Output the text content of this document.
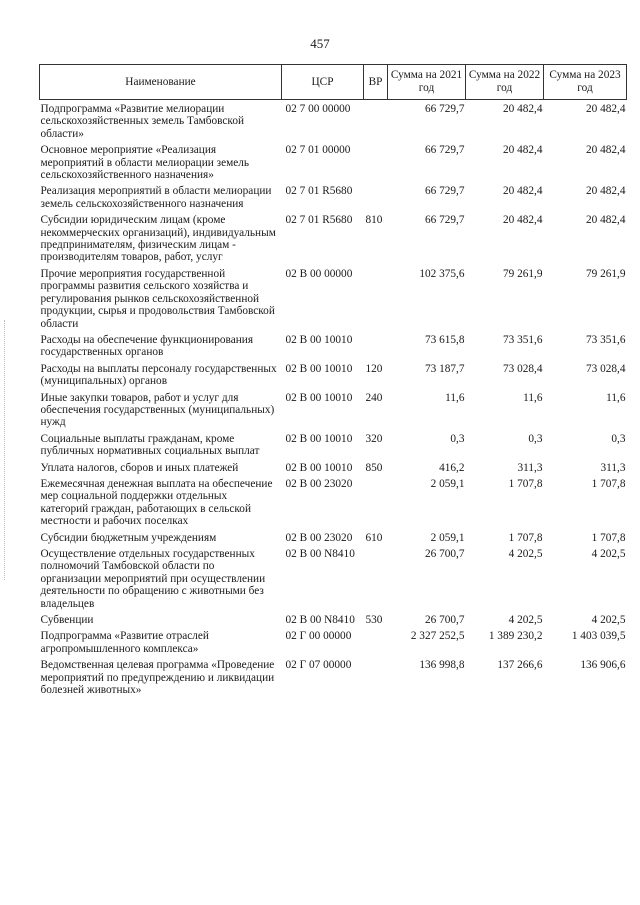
457
Наименование	ЦСР	ВР	Сумма на 2021 год	Сумма на 2022 год	Сумма на 2023 год
Подпрограмма «Развитие мелиорации сельскохозяйственных земель Тамбовской области»	02 7 00 00000		66 729,7	20 482,4	20 482,4
Основное мероприятие «Реализация мероприятий в области мелиорации земель сельскохозяйственного назначения»	02 7 01 00000		66 729,7	20 482,4	20 482,4
Реализация мероприятий в области мелиорации земель сельскохозяйственного назначения	02 7 01 R5680		66 729,7	20 482,4	20 482,4
Субсидии юридическим лицам (кроме некоммерческих организаций), индивидуальным предпринимателям, физическим лицам - производителям товаров, работ, услуг	02 7 01 R5680	810	66 729,7	20 482,4	20 482,4
Прочие мероприятия государственной программы развития сельского хозяйства и регулирования рынков сельскохозяйственной продукции, сырья и продовольствия Тамбовской области	02 В 00 00000		102 375,6	79 261,9	79 261,9
Расходы на обеспечение функционирования государственных органов	02 В 00 10010		73 615,8	73 351,6	73 351,6
Расходы на выплаты персоналу государственных (муниципальных) органов	02 В 00 10010	120	73 187,7	73 028,4	73 028,4
Иные закупки товаров, работ и услуг для обеспечения государственных (муниципальных) нужд	02 В 00 10010	240	11,6	11,6	11,6
Социальные выплаты гражданам, кроме публичных нормативных социальных выплат	02 В 00 10010	320	0,3	0,3	0,3
Уплата налогов, сборов и иных платежей	02 В 00 10010	850	416,2	311,3	311,3
Ежемесячная денежная выплата на обеспечение мер социальной поддержки отдельных категорий граждан, работающих в сельской местности и рабочих поселках	02 В 00 23020		2 059,1	1 707,8	1 707,8
Субсидии бюджетным учреждениям	02 В 00 23020	610	2 059,1	1 707,8	1 707,8
Осуществление отдельных государственных полномочий Тамбовской области по организации мероприятий при осуществлении деятельности по обращению с животными без владельцев	02 В 00 N8410		26 700,7	4 202,5	4 202,5
Субвенции	02 В 00 N8410	530	26 700,7	4 202,5	4 202,5
Подпрограмма «Развитие отраслей агропромышленного комплекса»	02 Г 00 00000		2 327 252,5	1 389 230,2	1 403 039,5
Ведомственная целевая программа «Проведение мероприятий по предупреждению и ликвидации болезней животных»	02 Г 07 00000		136 998,8	137 266,6	136 906,6
